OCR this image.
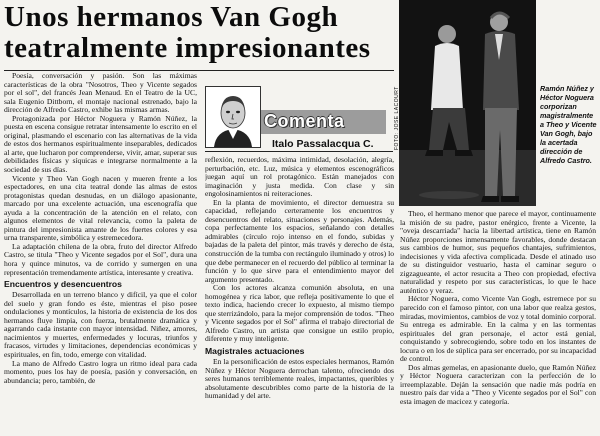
Unos hermanos Van Gogh teatralmente impresionantes

Poesía, conversación y pasión. Son las máximas características de la obra "Nosotros, Theo y Vicente segados por el sol", del francés Jean Menaud. En el Teatro de la UC, sala Eugenio Dittborn, el montaje nacional estrenado, bajo la dirección de Alfredo Castro, exhibe las mismas armas.

Protagonizada por Héctor Noguera y Ramón Núñez, la puesta en escena consigue retratar intensamente lo escrito en el original, plasmando el escenario con las alternativas de la vida de estos dos hermanos espiritualmente inseparables, dedicados al arte, que lucharon por comprenderse, vivir, amar, superar sus debilidades físicas y síquicas e integrarse normalmente a la sociedad de sus días.

Vicente y Theo Van Gogh nacen y mueren frente a los espectadores, en una cita teatral donde las almas de estos protagonistas quedan desnudas, en un diálogo apasionante, marcado por una excelente actuación, una escenografía que ayuda a la concentración de la atención en el relato, con algunos elementos de vital relevancia, como la paleta de pintura del impresionista amante de los fuertes colores y esa urna transparente, simbólica y estremecedora.

La adaptación chilena de la obra, fruto del director Alfredo Castro, se titula "Theo y Vicente segados por el Sol", dura una hora y quince minutos, va de corrido y sumergen en una representación tremendamente artística, interesante y creativa.

Encuentros y desencuentros

Desarrollada en un terreno blanco y difícil, ya que el color del suelo y gran fondo es éste, mientras el piso posee ondulaciones y montículos, la historia de existencia de los dos hermanos fluye limpia, con fuerza, brutalmente dramática y agarrando cada instante con mayor intensidad. Niñez, amores, nacimientos y muertes, enfermedades y locuras, triunfos y fracasos, virtudes y limitaciones, dependencias económicas y espirituales, en fin, todo, emerge con vitalidad.

La mano de Alfredo Castro logra un ritmo ideal para cada momento, pues los hay de poesía, pasión y conversación, en abundancia; pero, también, de

Comenta
Italo Passalacqua C.

reflexión, recuerdos, máxima intimidad, desolación, alegría, perturbación, etc. Luz, música y elementos escenográficos juegan aquí un rol protagónico. Están manejados con imaginación y justa medida. Con clase y sin engolosinamientos ni reiteraciones.

En la planta de movimiento, el director demuestra su capacidad, reflejando certeramente los encuentros y desencuentros del relato, situaciones y personajes. Además, copa perfectamente los espacios, señalando con detalles admirables (círculo rojo intenso en el fondo, subidas y bajadas de la paleta del pintor, más través y derecho de ésta, construcción de la tumba con rectángulo iluminado y otros) lo que debe permanecer en el recuerdo del público al terminar la función y lo que sirve para el entendimiento mayor del argumento presentado.

Con los actores alcanza comunión absoluta, en una homogénea y rica labor, que refleja positivamente lo que el texto indica, haciendo crecer lo expuesto, al mismo tiempo que sterrizándolo, para la mejor comprensión de todos. "Theo y Vicente segados por el Sol" afirma el trabajo directorial de Alfredo Castro, un artista que consigue un estilo propio, diferente y muy inteligente.

Magistrales actuaciones

En la personificación de estos especiales hermanos, Ramón Núñez y Héctor Noguera derrochan talento, ofreciendo dos seres humanos terriblemente reales, impactantes, queribles y absolutamente descubribles como parte de la historia de la humanidad y del arte.

FOTO: JOSE LACOURT	Ramón Núñez y Héctor Noguera corporizan magistralmente a Theo y Vicente Van Gogh, bajo la acertada dirección de Alfredo Castro.

Theo, el hermano menor que parece el mayor, continuamente la misión de su padre, pastor enérgico, frente a Vicente, la "oveja descarriada" hacia la libertad artística, tiene en Ramón Núñez proporciones inmensamente favorables, donde destacan sus cambios de humor, sus pequeños chantajes, sufrimientos, indecisiones y vida afectiva complicada. Desde el atinado uso de su distinguidor vestuario, hasta el caminar seguro o zigzagueante, el actor resucita a Theo con propiedad, efectiva naturalidad y respeto por sus características, lo que le hace auténtico y veraz.

Héctor Noguera, como Vicente Van Gogh, estremece por su parecido con el famoso pintor, con una labor que realza gestos, miradas, movimientos, cambios de voz y total dominio corporal. Su entrega es admirable. En la calma y en las tormentas espirituales del gran personaje, el actor está genial, conquistando y sobrecogiendo, sobre todo en los instantes de locura o en los de súplica para ser encerrado, por su incapacidad de control.

Dos almas gemelas, en apasionante duelo, que Ramón Núñez y Héctor Noguera caracterizan con la perfección de lo irreemplazable. Deján la sensación que nadie más podría en nuestro país dar vida a "Theo y Vicente segados por el Sol" con esta imagen de macicez y categoría.
